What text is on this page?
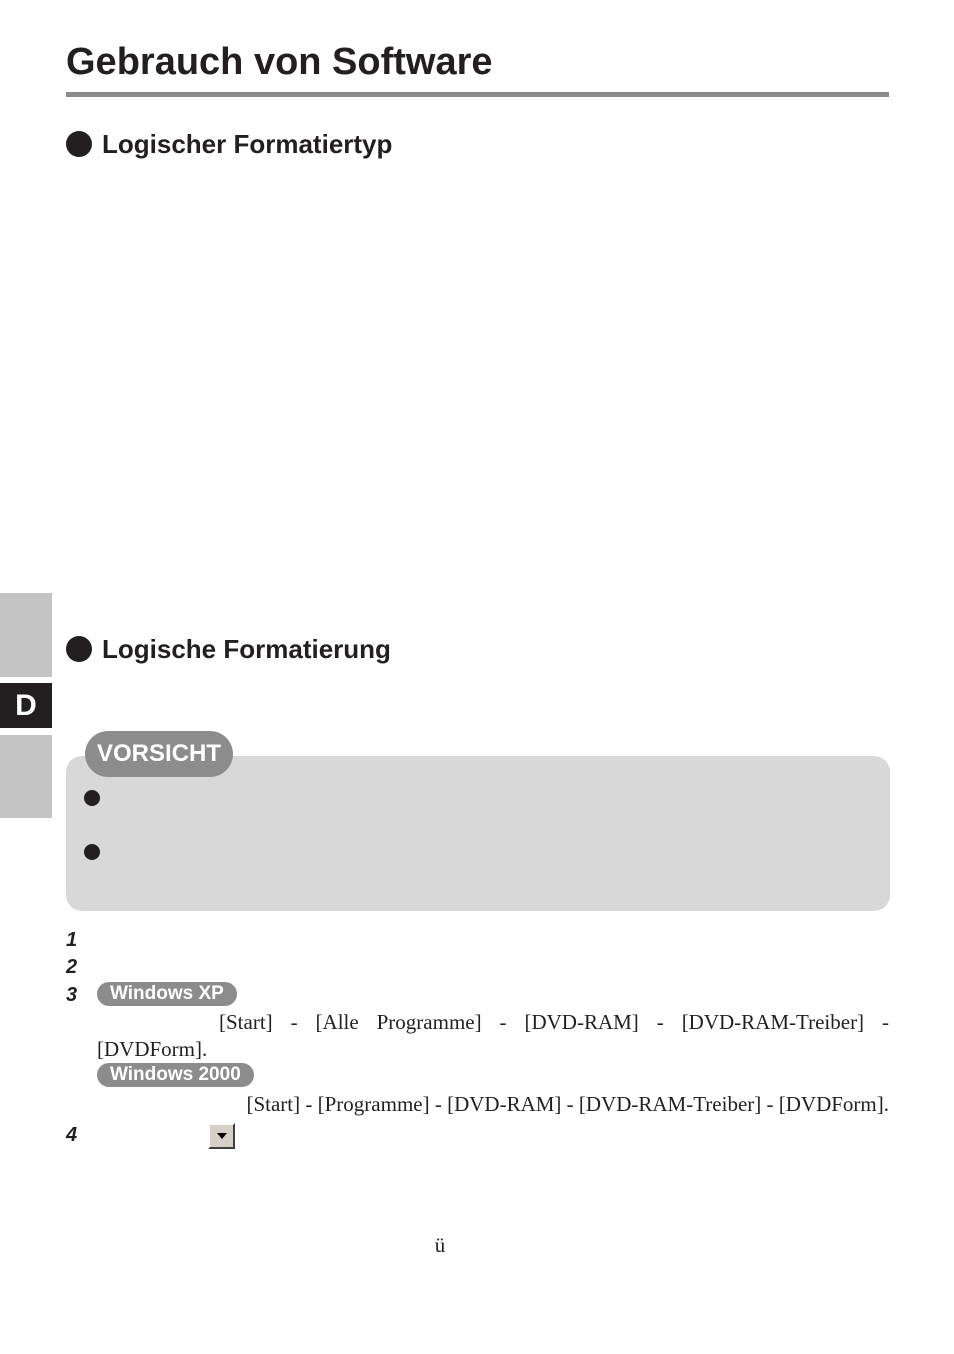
Gebrauch von Software
Logischer Formatiertyp
D
Logische Formatierung
VORSICHT
1
2
3	Windows XP
[Start] - [Alle Programme] - [DVD-RAM] - [DVD-RAM-Treiber] -
[DVDForm].
Windows 2000
[Start] - [Programme] - [DVD-RAM] - [DVD-RAM-Treiber] - [DVDForm].
4
ü
